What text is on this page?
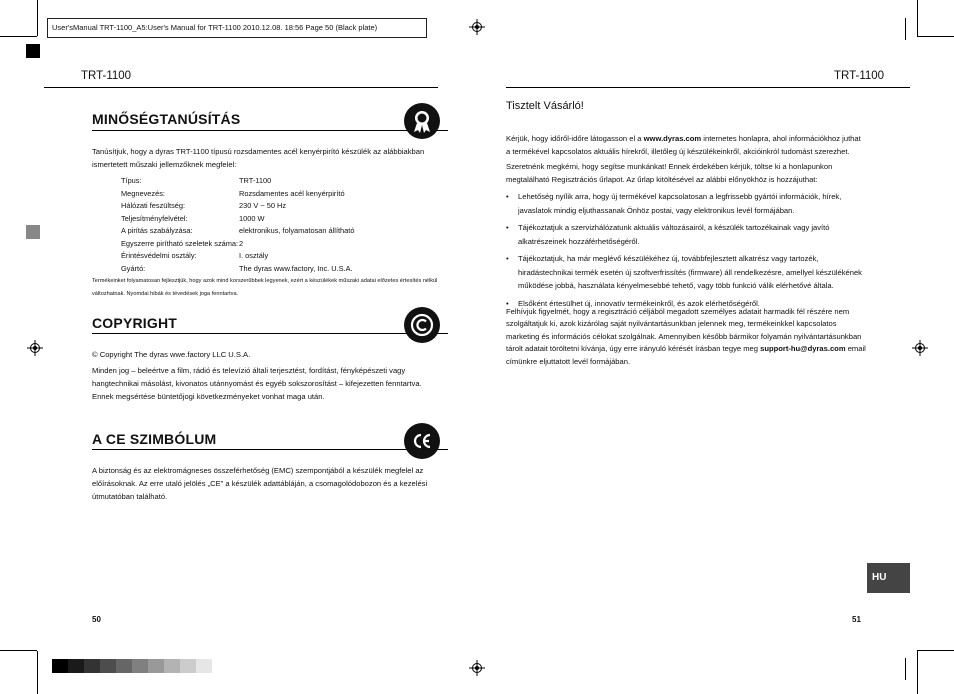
User'sManual TRT-1100_A5:User's Manual for TRT-1100 2010.12.08. 18:56 Page 50 (Black plate)
TRT-1100
MINŐSÉGTANÚSÍTÁS
Tanúsítjuk, hogy a dyras TRT-1100 típusú rozsdamentes acél kenyérpirító készülék az alábbiakban ismertetett műszaki jellemzőknek megfelel:
Típus:	TRT-1100
Megnevezés:	Rozsdamentes acél kenyérpirító
Hálózati feszültség:	230 V ~ 50 Hz
Teljesítményfelvétel:	1000 W
A pirítás szabályzása:	elektronikus, folyamatosan állítható
Egyszerre pirítható szeletek száma: 2
Érintésvédelmi osztály:	I. osztály
Gyártó:	The dyras www.factory, Inc. U.S.A.
Termékeinket folyamatosan fejlesztjük, hogy azok mind korszerűbbek legyenek, ezért a készülékek műszaki adatai előzetes értesítés nélkül változhatnak. Nyomdai hibák és tévedések joga fenntartva.
COPYRIGHT
© Copyright The dyras wwe.factory LLC U.S.A.
Minden jog – beleértve a film, rádió és televízió általi terjesztést, fordítást, fényképészeti vagy hangtechnikai másolást, kivonatos utánnyomást és egyéb sokszorosítást – kifejezetten fenntartva. Ennek megsértése büntetőjogi következményeket vonhat maga után.
A CE SZIMBÓLUM
A biztonság és az elektromágneses összeférhetőség (EMC) szempontjából a készülék megfelel az előírásoknak. Az erre utaló jelölés „CE” a készülék adattábláján, a csomagolódobozon és a kezelési útmutatóban található.
50
TRT-1100
Tisztelt Vásárló!
Kérjük, hogy időről-időre látogasson el a www.dyras.com internetes honlapra, ahol információkhoz juthat a termékével kapcsolatos aktuális hírekről, illetőleg új készülékeinkről, akcióinkról tudomást szerezhet.
Szeretnénk megkérni, hogy segítse munkánkat! Ennek érdekében kérjük, töltse ki a honlapunkon megtalálható Regisztrációs űrlapot. Az űrlap kitöltésével az alábbi előnyökhöz is hozzájuthat:
• Lehetőség nyílik arra, hogy új termékével kapcsolatosan a legfrissebb gyártói információk, hírek, javaslatok mindig eljuthassanak Önhöz postai, vagy elektronikus levél formájában.
• Tájékoztatjuk a szervizhálózatunk aktuális változásairól, a készülék tartozékainak vagy javító alkatrészeinek hozzáférhetőségéről.
• Tájékoztatjuk, ha már meglévő készülékéhez új, továbbfejlesztett alkatrész vagy tartozék, hiradástechnikai termék esetén új szoftverfrissítés (firmware) áll rendelkezésre, amellyel készülékének működése jobbá, használata kényelmesebbé tehető, vagy több funkció válik elérhetővé általa.
• Elsőként értesülhet új, innovatív termékeinkről, és azok elérhetőségéről.
Felhívjuk figyelmét, hogy a regisztráció céljából megadott személyes adatait harmadik fél részére nem szolgáltatjuk ki, azok kizárólag saját nyilvántartásunkban jelennek meg, termékeinkkel kapcsolatos marketing és információs célokat szolgálnak. Amennyiben később bármikor folyamán nyilvántartásunkban tárolt adatait töröltetni kívánja, úgy erre irányuló kérését írásban tegye meg support-hu@dyras.com email címünkre eljuttatott levél formájában.
HU
51
